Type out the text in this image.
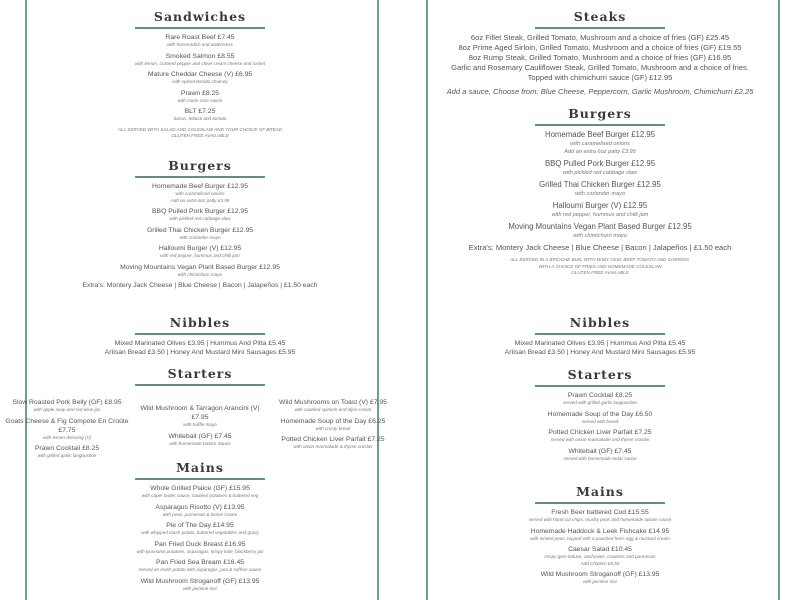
Sandwiches
Rare Roast Beef £7.45
with horseradish and watercress
Smoked Salmon £8.55
with lemon, cracked pepper and chive cream cheese and rocket
Mature Cheddar Cheese (V) £6.95
with spiced tomato chutney
Prawn £8.25
with marie rose sauce
BLT £7.25
bacon, lettuce and tomato
ALL SERVED WITH SALAD AND COLESLAW AND YOUR CHOICE OF BREAD
GLUTEN FREE AVAILABLE
Burgers
Homemade Beef Burger £12.95
with caramelised onions
Add an extra 6oz patty £3.95
BBQ Pulled Pork Burger £12.95
with pickled red cabbage slaw
Grilled Thai Chicken Burger £12.95
with coriander mayo
Halloumi Burger (V) £12.95
with red pepper, hummus and chilli jam
Moving Mountains Vegan Plant Based Burger £12.95
with chimichurri mayo
Extra's: Montery Jack Cheese | Blue Cheese | Bacon | Jalapeños | £1.50 each
Steaks
6oz Fillet Steak, Grilled Tomato, Mushroom and a choice of fries (GF) £25.45
8oz Prime Aged Sirloin, Grilled Tomato, Mushroom and a choice of fries (GF) £19.55
8oz Rump Steak, Grilled Tomato, Mushroom and a choice of fries (GF) £16.95
Garlic and Rosemary Cauliflower Steak, Grilled Tomato, Mushroom and a choice of fries.
Topped with chimichurri sauce (GF) £12.95
Add a sauce, Choose from: Blue Cheese, Peppercorn, Garlic Mushroom, Chimichurri £2.25
Burgers
Homemade Beef Burger £12.95
with caramelised onions
Add an extra 6oz patty £3.95
BBQ Pulled Pork Burger £12.95
with pickled red cabbage slaw
Grilled Thai Chicken Burger £12.95
with coriander mayo
Halloumi Burger (V) £12.95
with red pepper, hummus and chilli jam
Moving Mountains Vegan Plant Based Burger £12.95
with chimichurri mayo
Extra's: Montery Jack Cheese | Blue Cheese | Bacon | Jalapeños | £1.50 each
ALL SERVED IN A BRIOCHE BUN, WITH BABY GEM, BEEF TOMATO AND GHERKIN.
WITH A CHOICE OF FRIES AND HOMEMADE COLESLAW
GLUTEN FREE AVAILABLE
Nibbles
Mixed Marinated Olives £3.95 | Hummus And Pitta £5.45
Artisan Bread £3.50 | Honey And Mustard Mini Sausages £5.95
Starters
Slow Roasted Pork Belly (GF) £8.95
with apple soup and red wine jus
Goats Cheese & Fig Compote En Croûte £7.75
with lemon dressing (V)
Prawn Cocktail £8.25
with grilled garlic langoustine
Wild Mushroom & Tarragon Arancini (V) £7.95
with truffle mayo
Whitebait (GF) £7.45
with homemade tartare Sauce
Wild Mushrooms on Toast (V) £7.95
with sautéed spinach and dijon cream
Homemade Soup of the Day £6.25
with crusty bread
Potted Chicken Liver Parfait £7.25
with onion marmalade & thyme crostini
Mains
Whole Grilled Plaice (GF) £15.95
with caper butter sauce, sautéed potatoes & buttered veg
Asparagus Risotto (V) £13.95
with peas, parmesan & lemon cream
Pie of The Day £14.95
with whipped mash potato, buttered vegetables and gravy
Pan Fried Duck Breast £16.95
with lyonnaise potatoes, asparagus, krispy kale, blackberry jus
Pan Fried Sea Bream £16.45
served on mash potato with asparagus, pea & saffron sauce
Wild Mushroom Stroganoff (GF) £13.95
with jasmine rice
Nibbles
Mixed Marinated Olives £3.95 | Hummus And Pitta £5.45
Artisan Bread £3.50 | Honey And Mustard Mini Sausages £5.95
Starters
Prawn Cocktail £8.25
served with grilled garlic langoustine
Homemade Soup of the Day £6.50
served with bread
Potted Chicken Liver Parfait £7.25
served with onion marmalade and thyme crostini
Whitebait (GF) £7.45
served with homemade tartar sauce
Mains
Fresh Beer battered Cod £15.55
served with hand cut chips, mushy peas and homemade tartare sauce
Homemade Haddock & Leek Fishcake £14.95
with minted peas, topped with a poached hens egg & mustard cream
Caesar Salad £10.45
crispy gem lettuce, anchovies, croutons and parmesan
Add Chicken £5.50
Wild Mushroom Stroganoff (GF) £13.95
with jasmine rice
